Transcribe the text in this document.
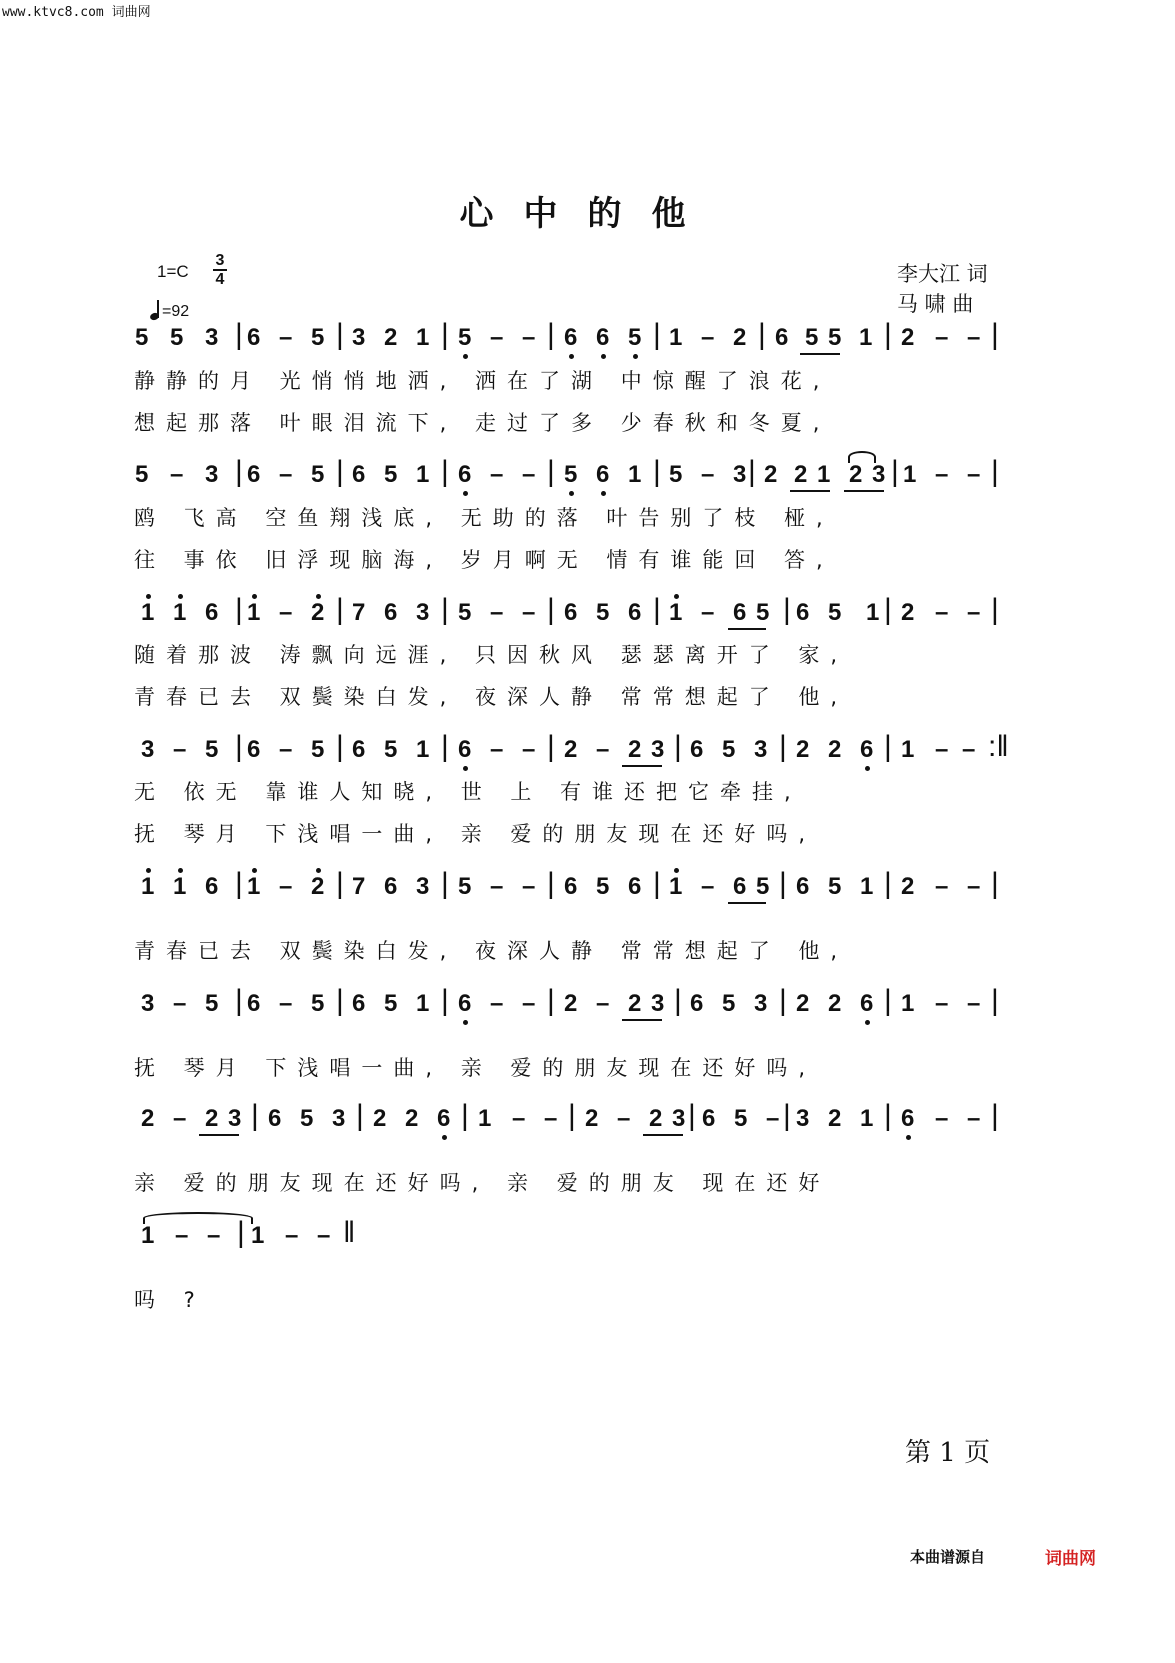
www.ktvc8.com 词曲网
心中的他
1=C
3
4
=92
李大江 词
马 啸 曲
5 5 3 | 6 – 5 | 3 2 1 | 5 – – | 6 6 5 | 1 – 2 | 6 5 5 1 | 2 – – |
5 – 3 | 6 – 5 | 6 5 1 | 6 – – | 5 6 1 | 5 – 3 | 2 2 1 2 3 | 1 – – |
1 1 6 | 1 – 2 | 7 6 3 | 5 – – | 6 5 6 | 1 – 6 5 | 6 5 1 | 2 – – |
3 – 5 | 6 – 5 | 6 5 1 | 6 – – | 2 – 2 3 | 6 5 3 | 2 2 6 | 1 – – :‖
1 1 6 | 1 – 2 | 7 6 3 | 5 – – | 6 5 6 | 1 – 6 5 | 6 5 1 | 2 – – |
3 – 5 | 6 – 5 | 6 5 1 | 6 – – | 2 – 2 3 | 6 5 3 | 2 2 6 | 1 – – |
2 – 2 3 | 6 5 3 | 2 2 6 | 1 – – | 2 – 2 3 | 6 5 – | 3 2 1 | 6 – – |
1 – – | 1 – – ‖
静静的月 光悄悄地洒, 洒在了湖 中惊醒了浪花,
想起那落 叶眼泪流下, 走过了多 少春秋和冬夏,
鸥 飞高 空鱼翔浅底, 无助的落 叶告别了枝 桠,
往 事依 旧浮现脑海, 岁月啊无 情有谁能回 答,
随着那波 涛飘向远涯, 只因秋风 瑟瑟离开了 家,
青春已去 双鬓染白发, 夜深人静 常常想起了 他,
无 依无 靠谁人知晓, 世 上 有谁还把它牵挂,
抚 琴月 下浅唱一曲, 亲 爱的朋友现在还好吗,
青春已去 双鬓染白发, 夜深人静 常常想起了 他,
抚 琴月 下浅唱一曲, 亲 爱的朋友现在还好吗,
亲 爱的朋友现在还好吗, 亲 爱的朋友 现在还好
吗 ?
第 1 页
本曲谱源自	词曲网
